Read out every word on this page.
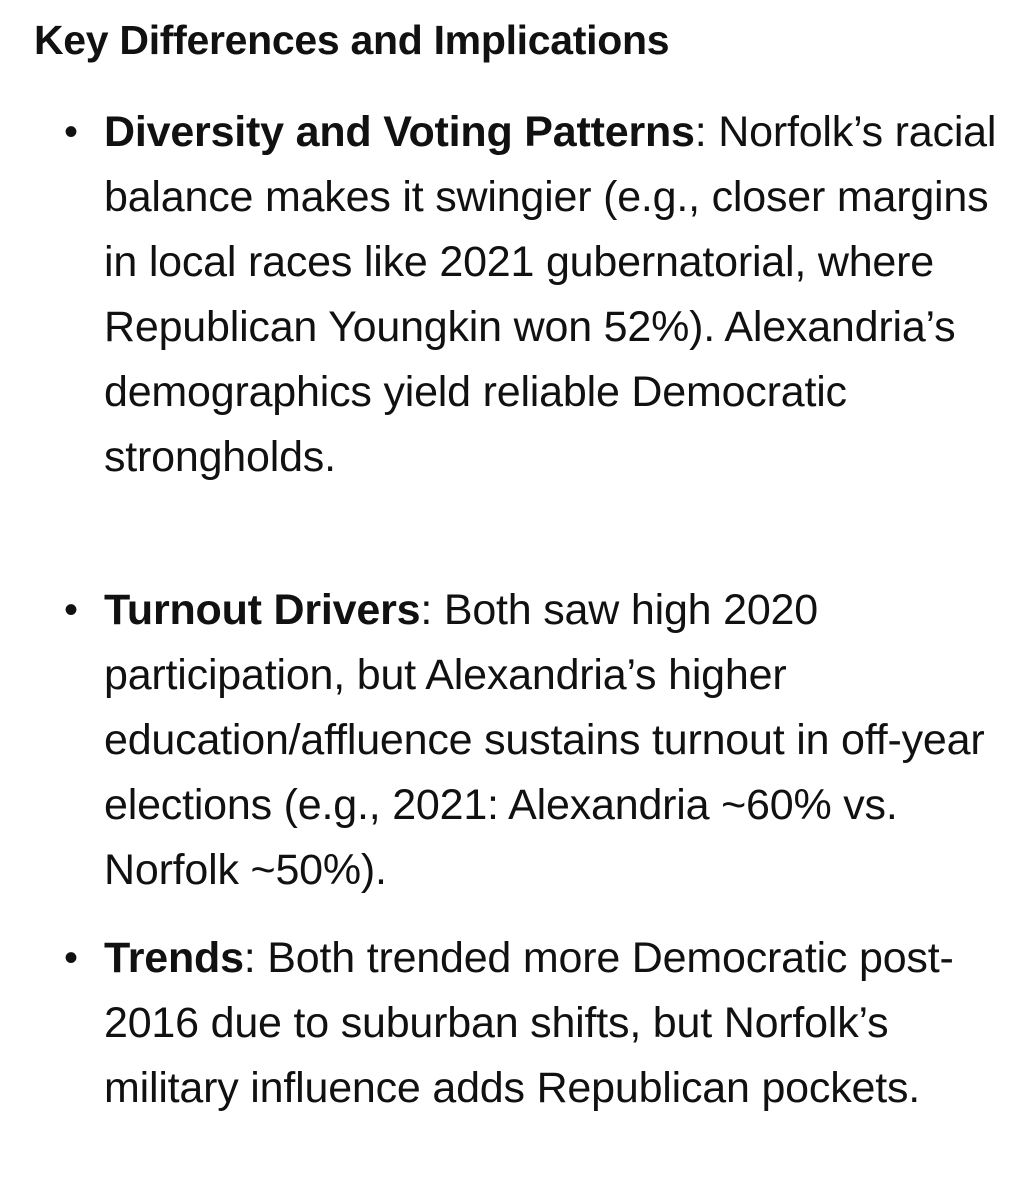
Key Differences and Implications
• Diversity and Voting Patterns: Norfolk’s racial balance makes it swingier (e.g., closer margins in local races like 2021 gubernatorial, where Republican Youngkin won 52%). Alexandria’s demographics yield reliable Democratic strongholds.

• Turnout Drivers: Both saw high 2020 participation, but Alexandria’s higher education/affluence sustains turnout in off-year elections (e.g., 2021: Alexandria ~60% vs. Norfolk ~50%).

• Trends: Both trended more Democratic post-2016 due to suburban shifts, but Norfolk’s military influence adds Republican pockets.
